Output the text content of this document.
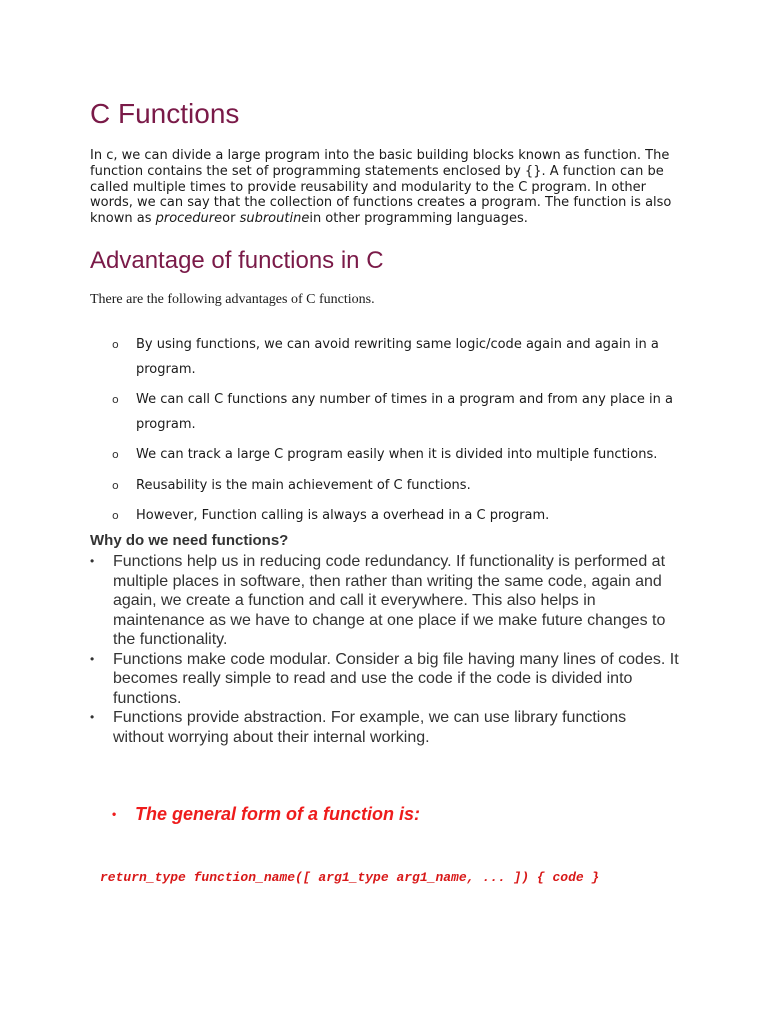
C Functions

In c, we can divide a large program into the basic building blocks known as function. The function contains the set of programming statements enclosed by {}. A function can be called multiple times to provide reusability and modularity to the C program. In other words, we can say that the collection of functions creates a program. The function is also known as procedureor subroutinein other programming languages.

Advantage of functions in C

There are the following advantages of C functions.

o By using functions, we can avoid rewriting same logic/code again and again in a program.
o We can call C functions any number of times in a program and from any place in a program.
o We can track a large C program easily when it is divided into multiple functions.
o Reusability is the main achievement of C functions.
o However, Function calling is always a overhead in a C program.
Why do we need functions?
• Functions help us in reducing code redundancy. If functionality is performed at multiple places in software, then rather than writing the same code, again and again, we create a function and call it everywhere. This also helps in maintenance as we have to change at one place if we make future changes to the functionality.
• Functions make code modular. Consider a big file having many lines of codes. It becomes really simple to read and use the code if the code is divided into functions.
• Functions provide abstraction. For example, we can use library functions without worrying about their internal working.
• The general form of a function is:
return_type function_name([ arg1_type arg1_name, ... ]) { code }
